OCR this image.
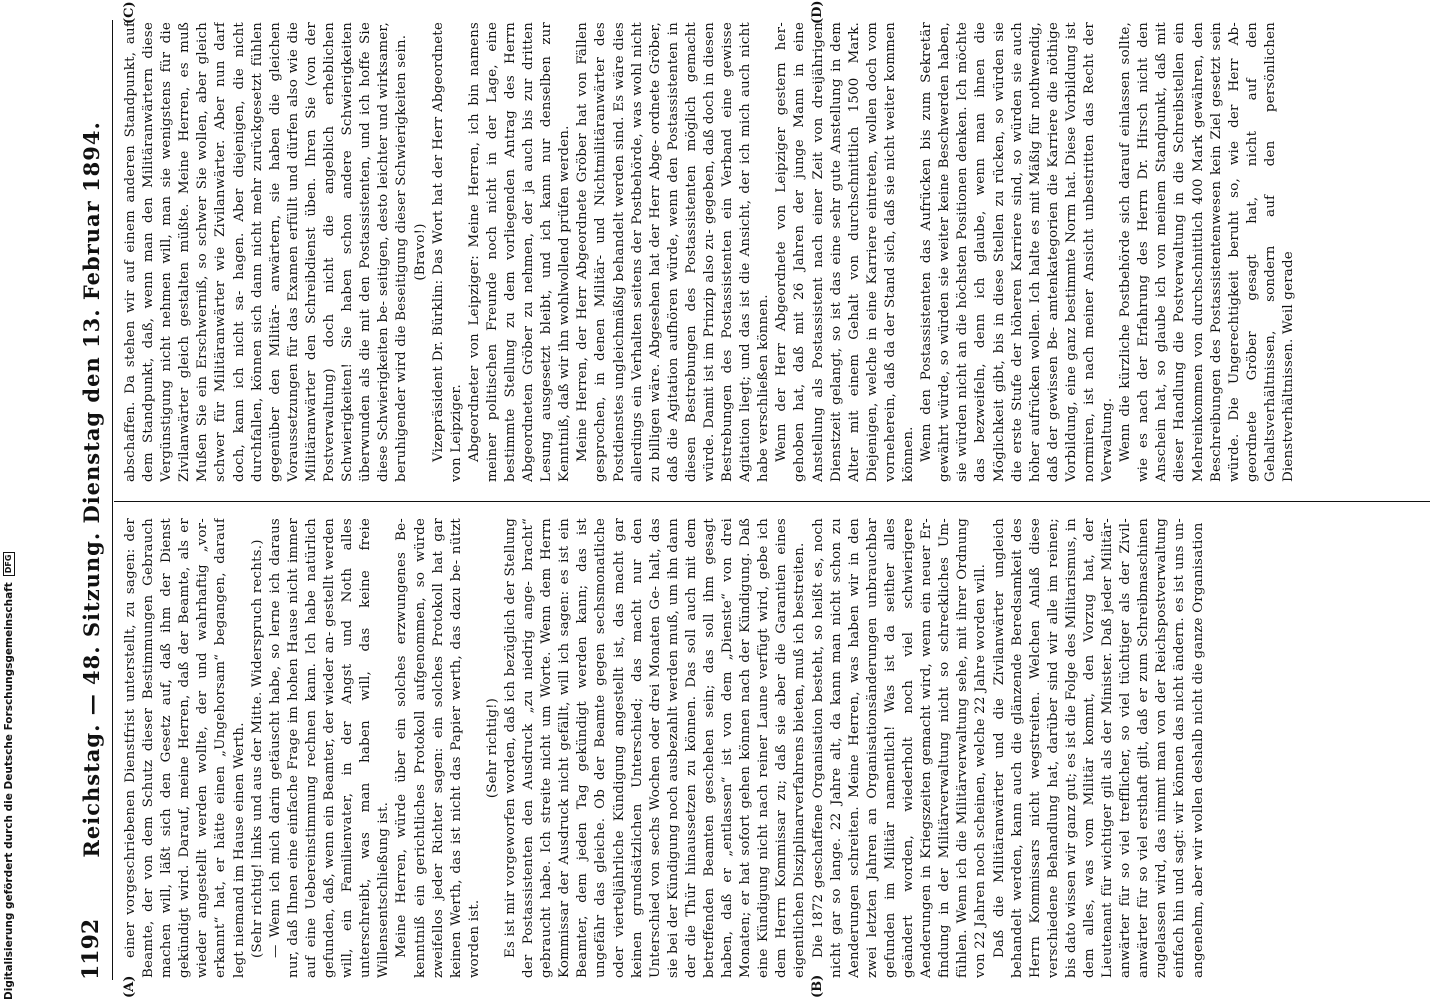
1192
Reichstag. — 48. Sitzung. Dienstag den 13. Februar 1894.
(A)	(B)
(C)	(D)

einer vorgeschriebenen Dienstfrist unterstellt, zu sagen: der Beamte, der von dem Schutz dieser Bestimmungen Gebrauch machen will, läßt sich den Gesetz auf, daß ihm der Dienst gekündigt wird. Darauf, meine Herren, daß der Beamte, als er wieder angestellt werden wollte, der und wahrhaftig „vor- erkannt“ hat, er hätte einen „Ungehorsam“ begangen, darauf legt niemand im Hause einen Werth. (Sehr richtig! links und aus der Mitte. Widerspruch rechts.) — Wenn ich mich darin getäuscht habe, so lerne ich daraus nur, daß Ihnen eine einfache Frage im hohen Hause nicht immer auf eine Uebereinstimmung rechnen kann. Ich habe natürlich gefunden, daß, wenn ein Beamter, der wieder an- gestellt werden will, ein Familienvater, in der Angst und Noth alles unterschreibt, was man haben will, das keine freie Willensentschließung ist. Meine Herren, würde über ein solches erzwungenes Be- kenntniß ein gerichtliches Protokoll aufgenommen, so würde zweifellos jeder Richter sagen: ein solches Protokoll hat gar keinen Werth, das ist nicht das Papier werth, das dazu be- nützt worden ist.

(Sehr richtig!) Es ist mir vorgeworfen worden, daß ich bezüglich der Stellung der Postassistenten den Ausdruck „zu niedrig ange- bracht“ gebraucht habe. Ich streite nicht um Worte. Wenn dem Herrn Kommissar der Ausdruck nicht gefällt, will ich sagen: es ist ein Beamter, dem jeden Tag gekündigt werden kann; das ist ungefähr das gleiche. Ob der Beamte gegen sechsmonatliche oder vierteljährliche Kündigung angestellt ist, das macht gar keinen grundsätzlichen Unterschied; das macht nur den Unterschied von sechs Wochen oder drei Monaten Ge- halt, das sie bei der Kündigung noch ausbezahlt werden muß, um ihn dann der die Thür hinaussetzen zu können. Das soll auch mit dem betreffenden Beamten geschehen sein; das soll ihm gesagt haben, daß er „entlassen“ ist von dem „Dienste“ von drei Monaten; er hat sofort gehen können nach der Kündigung. Daß eine Kündigung nicht nach reiner Laune verfügt wird, gebe ich dem Herrn Kommissar zu; daß sie aber die Garantien eines eigentlichen Disziplinarverfahrens bieten, muß ich bestreiten. Die 1872 geschaffene Organisation besteht, so heißt es, noch nicht gar so lange. 22 Jahre alt, da kann man nicht schon zu Aenderungen schreiten. Meine Herren, was haben wir in den zwei letzten Jahren an Organisationsänderungen unbrauchbar gefunden im Militär namentlich! Was ist da seither alles geändert worden, wiederholt noch viel schwierigere Aenderungen in Kriegszeiten gemacht wird, wenn ein neuer Er- findung in der Militärverwaltung nicht so schreckliches Um- fühlen. Wenn ich die Militärverwaltung sehe, mit ihrer Ordnung von 22 Jahren noch scheinen, welche 22 Jahre worden will. Daß die Militäranwärter und die Zivilanwärter ungleich behandelt werden, kann auch die glänzende Beredsamkeit des Herrn Kommissars nicht wegstreiten. Welchen Anlaß diese verschiedene Behandlung hat, darüber sind wir alle im reinen; bis dato wissen wir ganz gut; es ist die Folge des Militarismus, in dem alles, was vom Militär kommt, den Vorzug hat, der Lieutenant für wichtiger gilt als der Minister. Daß jeder Militär- anwärter für so viel trefflicher, so viel tüchtiger als der Zivil- anwärter für so viel ersthaft gilt, daß er zum Schreibmaschinen zugelassen wird, das nimmt man von der Reichspostverwaltung einfach hin und sagt: wir können das nicht ändern. es ist uns un- angenehm, aber wir wollen deshalb nicht die ganze Organisation

abschaffen. Da stehen wir auf einem anderen Standpunkt, auf dem Standpunkt, daß, wenn man den Militäranwärtern diese Vergünstigung nicht nehmen will, man sie wenigstens für die Zivilanwärter gleich gestalten müßte. Meine Herren, es muß Mußen Sie ein Erschwerniß, so schwer Sie wollen, aber gleich schwer für Militäranwärter wie Zivilanwärter. Aber nun darf doch, kann ich nicht sa- hagen. Aber diejenigen, die nicht durchfallen, können sich dann nicht mehr zurückgesetzt fühlen gegenüber den Militär- anwärtern, sie haben die gleichen Voraussetzungen für das Examen erfüllt und dürfen also wie die Militäranwärter den Schreibdienst üben. Ihren Sie (von der Postverwaltung) doch nicht die angeblich erheblichen Schwierigkeiten! Sie haben schon andere Schwierigkeiten überwunden als die mit den Postassistenten, und ich hoffe Sie diese Schwierigkeiten be- seitigen, desto leichter und wirksamer, beruhigender wird die Beseitigung dieser Schwierigkeiten sein. (Bravo!) Vizepräsident Dr. Bürklin: Das Wort hat der Herr Abgeordnete von Leipziger. Abgeordneter von Leipziger: Meine Herren, ich bin namens meiner politischen Freunde noch nicht in der Lage, eine bestimmte Stellung zu dem vorliegenden Antrag des Herrn Abgeordneten Gröber zu nehmen, der ja auch bis zur dritten Lesung ausgesetzt bleibt, und ich kann nur denselben zur Kenntniß, daß wir ihn wohlwollend prüfen werden. Meine Herren, der Herr Abgeordnete Gröber hat von Fällen gesprochen, in denen Militär- und Nichtmilitäranwärter des Postdienstes ungleichmäßig behandelt werden sind. Es wäre dies allerdings ein Verhalten seitens der Postbehörde, was wohl nicht zu billigen wäre. Abgesehen hat der Herr Abge- ordnete Gröber, daß die Agitation aufhören würde, wenn den Postassistenten in diesen Bestrebungen des Postassistenten möglich gemacht würde. Damit ist im Prinzip also zu- gegeben, daß doch in diesen Bestrebungen des Postassistenten ein Verband eine gewisse Agitation liegt; und das ist die Ansicht, der ich mich auch nicht habe verschließen können. Wenn der Herr Abgeordnete von Leipziger gestern her- gehoben hat, daß mit 26 Jahren der junge Mann in eine Anstellung als Postassistent nach einer Zeit von dreijährigen Dienstzeit gelangt, so ist das eine sehr gute Anstellung in dem Alter mit einem Gehalt von durchschnittlich 1500 Mark. Diejenigen, welche in eine Karriere eintreten, wollen doch vom vorneherein, daß da der Stand sich, daß sie nicht weiter kommen können. Wenn den Postassistenten das Aufrücken bis zum Sekretär gewährt würde, so würden sie weiter keine Beschwerden haben, sie würden nicht an die höchsten Positionen denken. Ich möchte das bezweifeln, denn ich glaube, wenn man ihnen die Möglichkeit gibt, bis in diese Stellen zu rücken, so würden sie die erste Stufe der höheren Karriere sind, so würden sie auch höher aufrücken wollen. Ich halte es mit Mäßig für nothwendig, daß der gewissen Be- amtenkategorien die Karriere die nöthige Vorbildung, eine ganz bestimmte Norm hat. Diese Vorbildung ist normiren, ist nach meiner Ansicht unbestritten das Recht der Verwaltung. Wenn die kürzliche Postbehörde sich darauf einlassen sollte, wie es nach der Erfahrung des Herrn Dr. Hirsch nicht den Anschein hat, so glaube ich von meinem Standpunkt, daß mit dieser Handlung die Postverwaltung in die Schreibstellen ein Mehreinkommen von durchschnittlich 400 Mark gewähren, den Beschreibungen des Postassistentenwesen kein Ziel gesetzt sein würde. Die Ungerechtigkeit beruht so, wie der Herr Ab- geordnete Gröber gesagt hat, nicht auf den Gehaltsverhältnissen, sondern auf den persönlichen Dienstverhältnissen. Weil gerade

Digitalisierung gefördert durch die Deutsche Forschungsgemeinschaft
DFG
